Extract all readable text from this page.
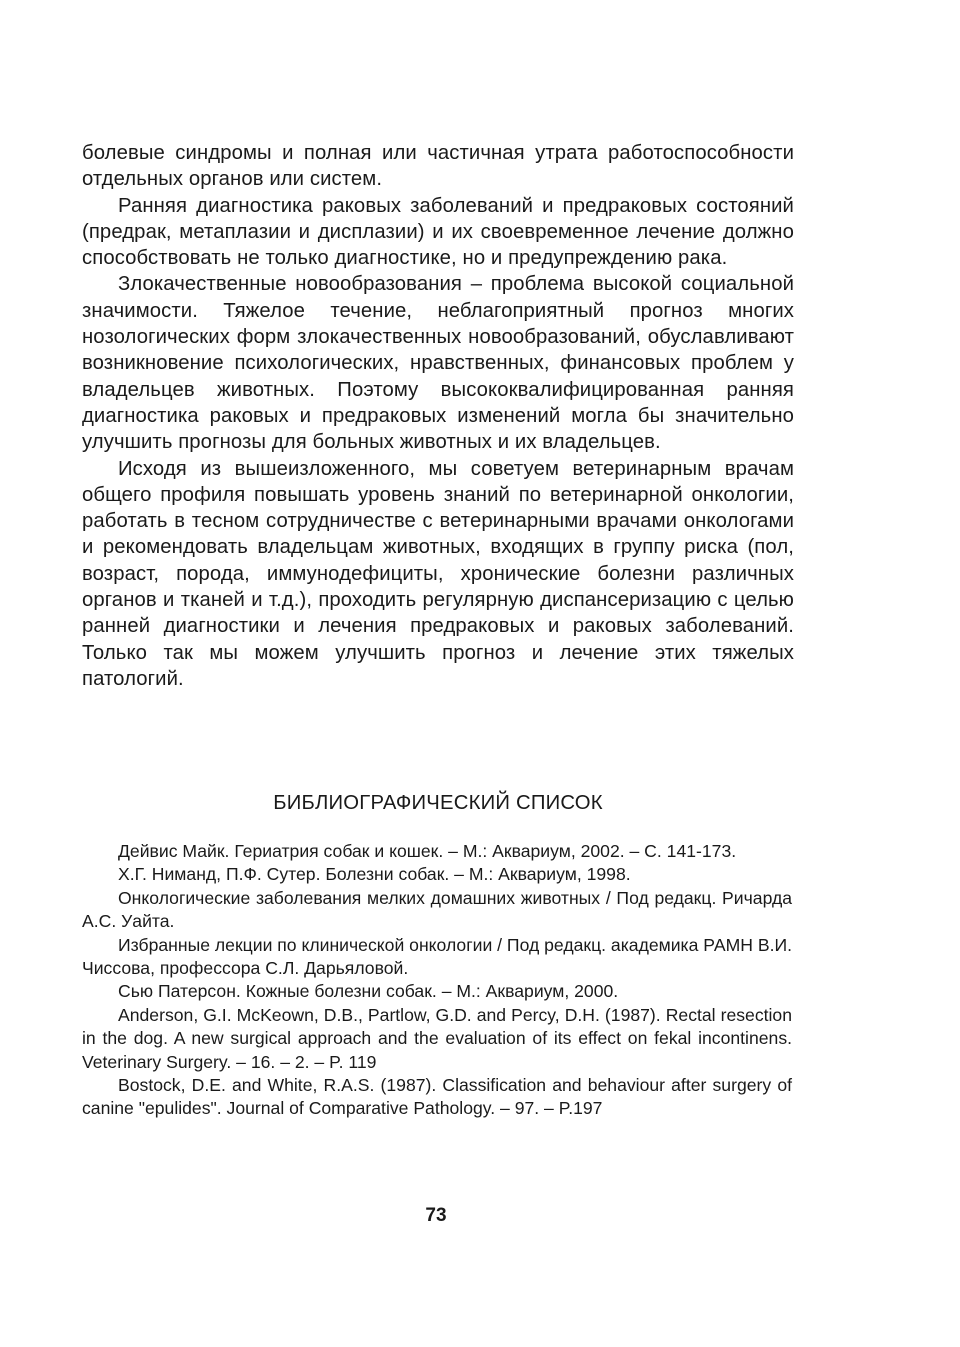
болевые синдромы и полная или частичная утрата работоспособности отдельных органов или систем.

Ранняя диагностика раковых заболеваний и предраковых состояний (предрак, метаплазии и дисплазии) и их своевременное лечение должно способствовать не только диагностике, но и предупреждению рака.

Злокачественные новообразования – проблема высокой социальной значимости. Тяжелое течение, неблагоприятный прогноз многих нозологических форм злокачественных новообразований, обуславливают возникновение психологических, нравственных, финансовых проблем у владельцев животных. Поэтому высококвалифицированная ранняя диагностика раковых и предраковых изменений могла бы значительно улучшить прогнозы для больных животных и их владельцев.

Исходя из вышеизложенного, мы советуем ветеринарным врачам общего профиля повышать уровень знаний по ветеринарной онкологии, работать в тесном сотрудничестве с ветеринарными врачами онкологами и рекомендовать владельцам животных, входящих в группу риска (пол, возраст, порода, иммунодефициты, хронические болезни различных органов и тканей и т.д.), проходить регулярную диспансеризацию с целью ранней диагностики и лечения предраковых и раковых заболеваний. Только так мы можем улучшить прогноз и лечение этих тяжелых патологий.

БИБЛИОГРАФИЧЕСКИЙ СПИСОК

Дейвис Майк. Гериатрия собак и кошек. – М.: Аквариум, 2002. – С. 141-173.

Х.Г. Ниманд, П.Ф. Сутер. Болезни собак. – М.: Аквариум, 1998.

Онкологические заболевания мелких домашних животных / Под редакц. Ричарда А.С. Уайта.

Избранные лекции по клинической онкологии / Под редакц. академика РАМН В.И. Чиссова, профессора С.Л. Дарьяловой.

Сью Патерсон. Кожные болезни собак. – М.: Аквариум, 2000.

Anderson, G.I. McKeown, D.B., Partlow, G.D. and Percy, D.H. (1987). Rectal resection in the dog. A new surgical approach and the evaluation of its effect on fekal incontinens. Veterinary Surgery. – 16. – 2. – P. 119

Bostock, D.E. and White, R.A.S. (1987). Classification and behaviour after surgery of canine "epulides". Journal of Comparative Pathology. – 97. – P.197

73
